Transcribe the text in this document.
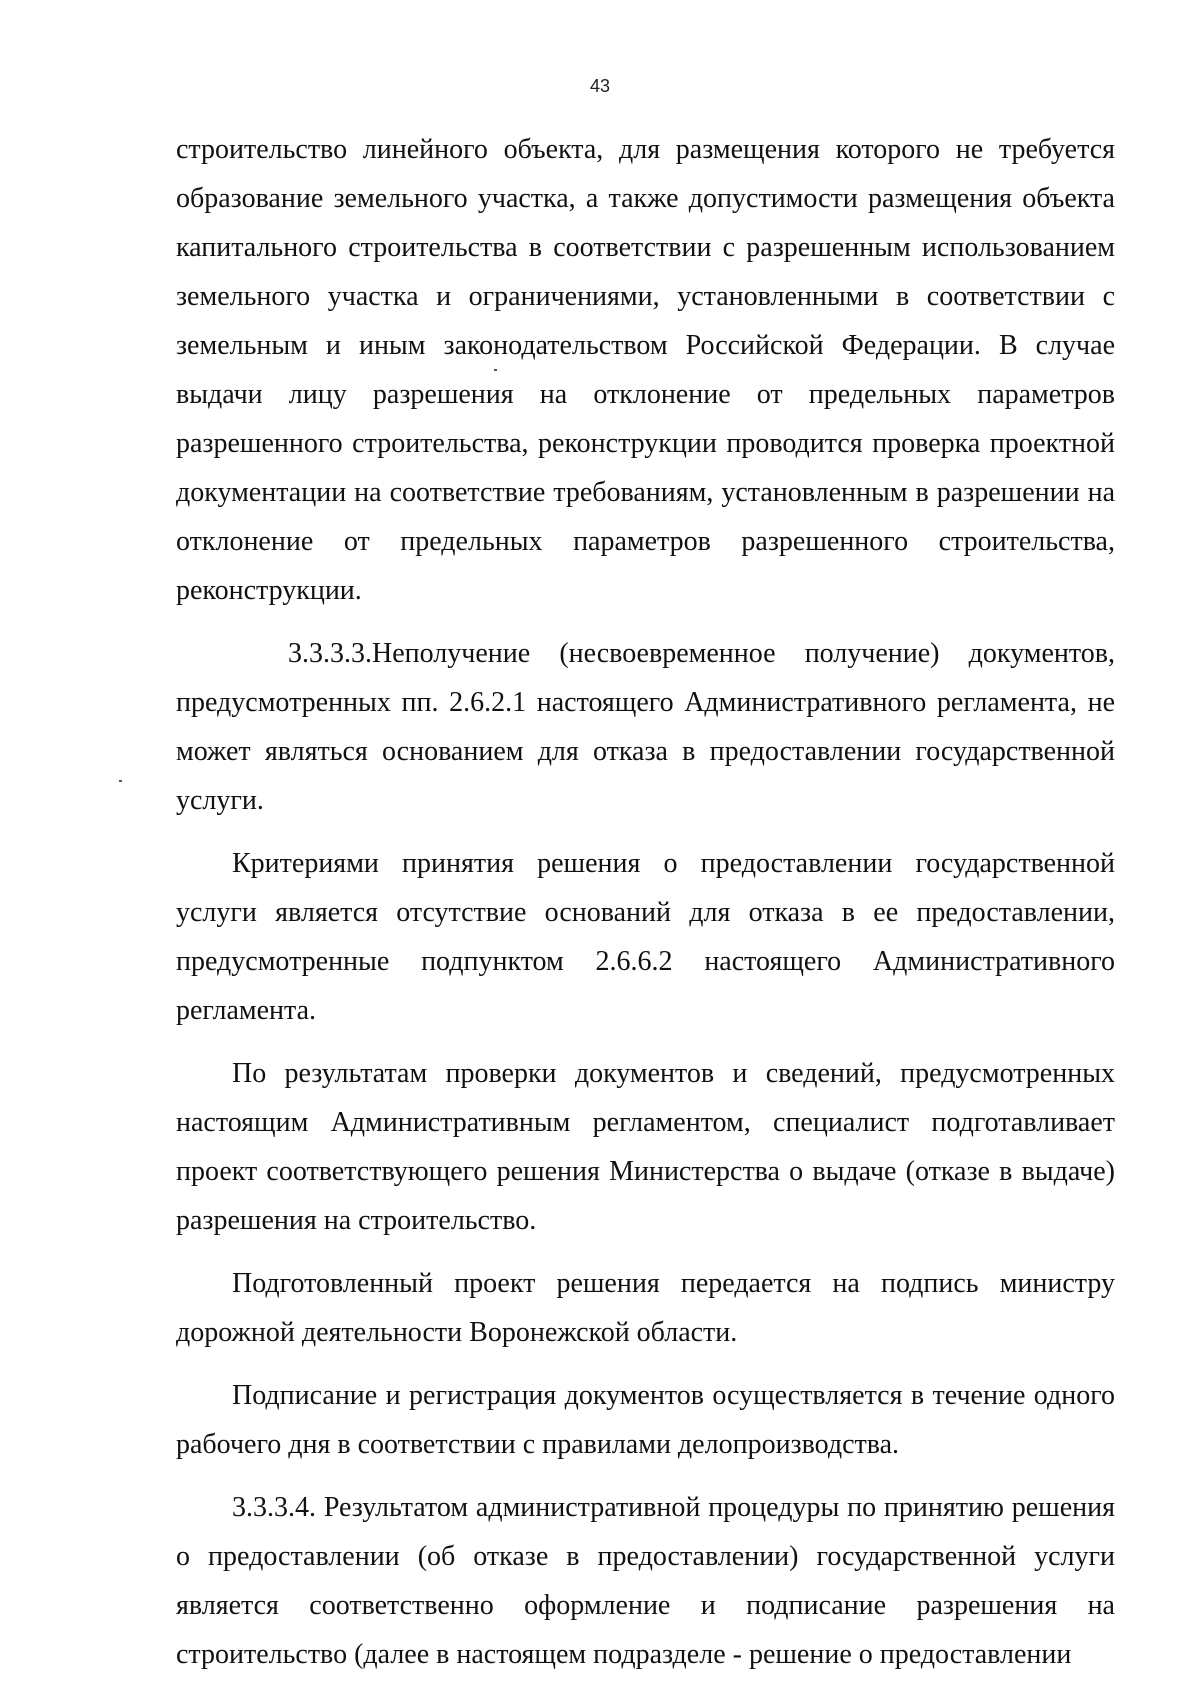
43

строительство линейного объекта, для размещения которого не требуется образование земельного участка, а также допустимости размещения объекта капитального строительства в соответствии с разрешенным использованием земельного участка и ограничениями, установленными в соответствии с земельным и иным законодательством Российской Федерации. В случае выдачи лицу разрешения на отклонение от предельных параметров разрешенного строительства, реконструкции проводится проверка проектной документации на соответствие требованиям, установленным в разрешении на отклонение от предельных параметров разрешенного строительства, реконструкции.

3.3.3.3.Неполучение (несвоевременное получение) документов, предусмотренных пп. 2.6.2.1 настоящего Административного регламента, не может являться основанием для отказа в предоставлении государственной услуги.

Критериями принятия решения о предоставлении государственной услуги является отсутствие оснований для отказа в ее предоставлении, предусмотренные подпунктом 2.6.6.2 настоящего Административного регламента.

По результатам проверки документов и сведений, предусмотренных настоящим Административным регламентом, специалист подготавливает проект соответствующего решения Министерства о выдаче (отказе в выдаче) разрешения на строительство.

Подготовленный проект решения передается на подпись министру дорожной деятельности Воронежской области.

Подписание и регистрация документов осуществляется в течение одного рабочего дня в соответствии с правилами делопроизводства.

3.3.3.4. Результатом административной процедуры по принятию решения о предоставлении (об отказе в предоставлении) государственной услуги является соответственно оформление и подписание разрешения на строительство (далее в настоящем подразделе - решение о предоставлении
